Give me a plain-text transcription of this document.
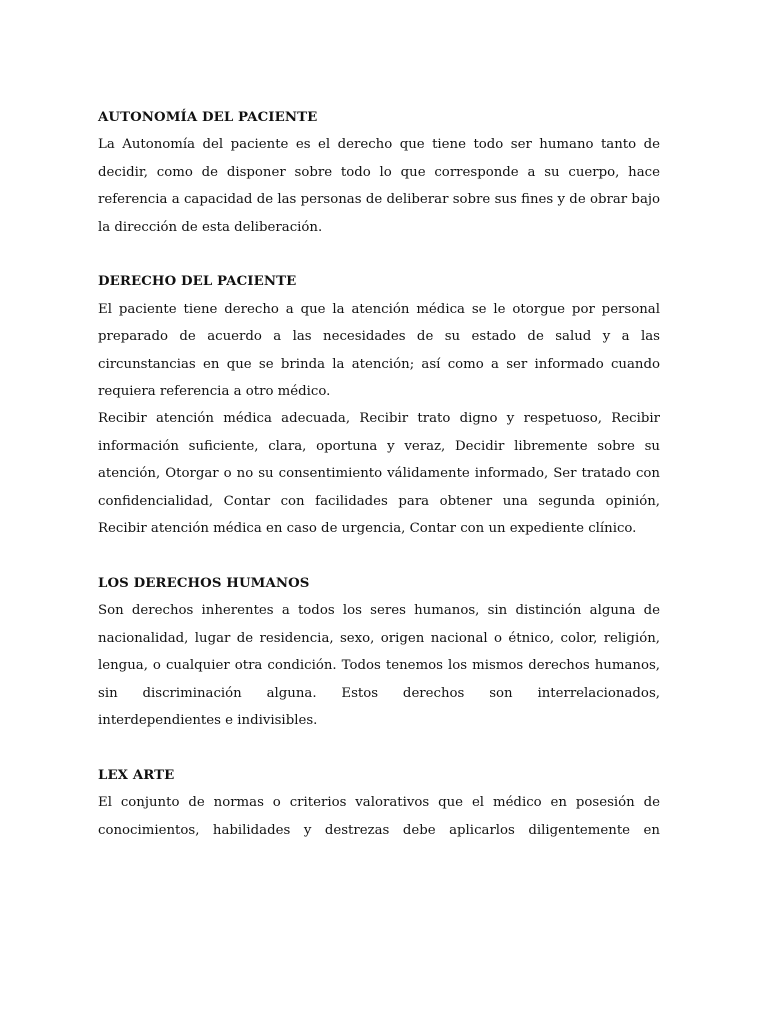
AUTONOMÍA DEL PACIENTE

La Autonomía del paciente es el derecho que tiene todo ser humano tanto de decidir, como de disponer sobre todo lo que corresponde a su cuerpo, hace referencia a capacidad de las personas de deliberar sobre sus fines y de obrar bajo la dirección de esta deliberación.

DERECHO DEL PACIENTE

El paciente tiene derecho a que la atención médica se le otorgue por personal preparado de acuerdo a las necesidades de su estado de salud y a las circunstancias en que se brinda la atención; así como a ser informado cuando requiera referencia a otro médico.

Recibir atención médica adecuada, Recibir trato digno y respetuoso, Recibir información suficiente, clara, oportuna y veraz, Decidir libremente sobre su atención, Otorgar o no su consentimiento válidamente informado, Ser tratado con confidencialidad, Contar con facilidades para obtener una segunda opinión, Recibir atención médica en caso de urgencia, Contar con un expediente clínico.

LOS DERECHOS HUMANOS

Son derechos inherentes a todos los seres humanos, sin distinción alguna de nacionalidad, lugar de residencia, sexo, origen nacional o étnico, color, religión, lengua, o cualquier otra condición. Todos tenemos los mismos derechos humanos, sin discriminación alguna. Estos derechos son interrelacionados, interdependientes e indivisibles.

LEX ARTE

El conjunto de normas o criterios valorativos que el médico en posesión de conocimientos, habilidades y destrezas debe aplicarlos diligentemente en
